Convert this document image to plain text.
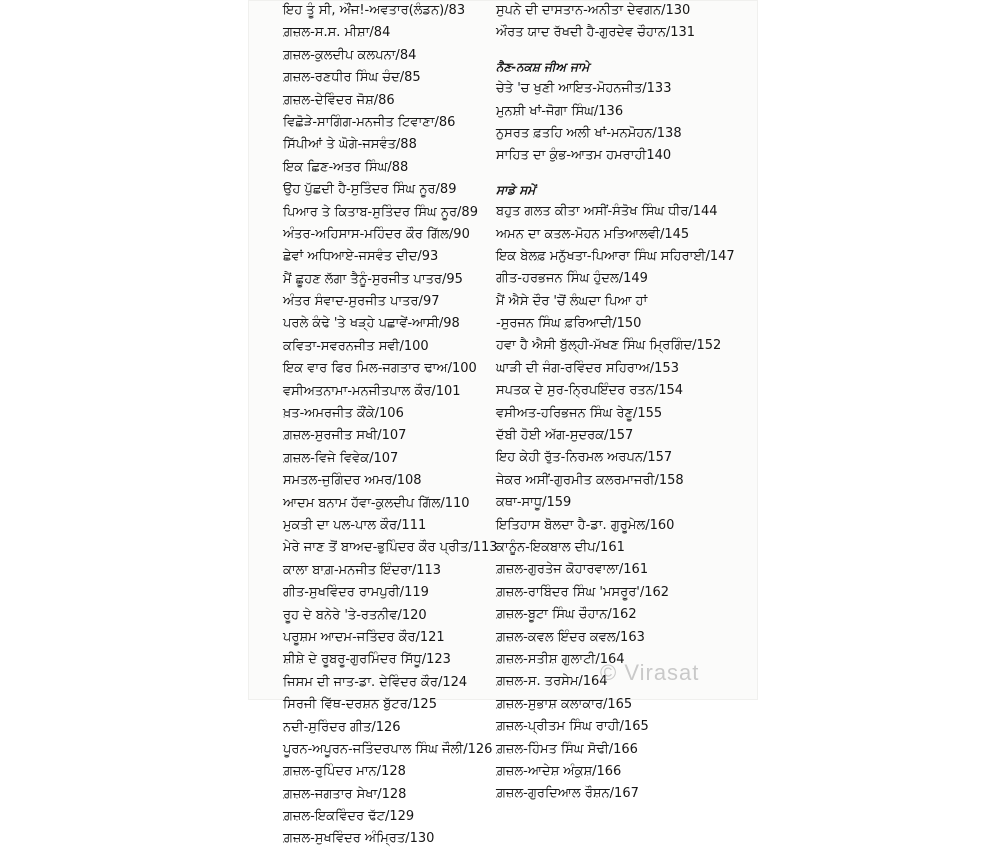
ਇਹ ਤੂੰ ਸੀ, ਔਂਜ!-ਅਵਤਾਰ(ਲੰਡਨ)/83
ਗ਼ਜ਼ਲ-ਸ.ਸ. ਮੀਸ਼ਾ/84
ਗ਼ਜ਼ਲ-ਕੁਲਦੀਪ ਕਲਪਨਾ/84
ਗ਼ਜ਼ਲ-ਰਣਧੀਰ ਸਿੰਘ ਚੰਦ/85
ਗ਼ਜ਼ਲ-ਦੇਵਿੰਦਰ ਜੋਸ਼/86
ਵਿਛੋੜੇ-ਸਾਗਿੰਗ-ਮਨਜੀਤ ਟਿਵਾਣਾ/86
ਸਿੱਪੀਆਂ ਤੇ ਘੋਗੇ-ਜਸਵੰਤ/88
ਇਕ ਛਿਣ-ਅਤਰ ਸਿੰਘ/88
ਉਹ ਪੁੱਛਦੀ ਹੈ-ਸੁਤਿੰਦਰ ਸਿੰਘ ਨੂਰ/89
ਪਿਆਰ ਤੇ ਕਿਤਾਬ-ਸੁਤਿੰਦਰ ਸਿੰਘ ਨੂਰ/89
ਅੰਤਰ-ਅਹਿਸਾਸ-ਮਹਿੰਦਰ ਕੌਰ ਗਿੱਲ/90
ਛੇਵਾਂ ਅਧਿਆਏ-ਜਸਵੰਤ ਦੀਦ/93
ਮੈਂ ਛੂਹਣ ਲੱਗਾ ਤੈਨੂੰ-ਸੁਰਜੀਤ ਪਾਤਰ/95
ਅੰਤਰ ਸੰਵਾਦ-ਸੁਰਜੀਤ ਪਾਤਰ/97
ਪਰਲੇ ਕੰਢੇ 'ਤੇ ਖੜ੍ਹੇ ਪਛਾਵੇਂ-ਆਸੀ/98
ਕਵਿਤਾ-ਸਵਰਨਜੀਤ ਸਵੀ/100
ਇਕ ਵਾਰ ਫਿਰ ਮਿਲ-ਜਗਤਾਰ ਢਾਅ/100
ਵਸੀਅਤਨਾਮਾ-ਮਨਜੀਤਪਾਲ ਕੌਰ/101
ਖ਼ਤ-ਅਮਰਜੀਤ ਕੌਂਕੇ/106
ਗ਼ਜ਼ਲ-ਸੁਰਜੀਤ ਸਖੀ/107
ਗ਼ਜ਼ਲ-ਵਿਜੇ ਵਿਵੇਕ/107
ਸਮਤਲ-ਜੁਗਿੰਦਰ ਅਮਰ/108
ਆਦਮ ਬਨਾਮ ਹੱਵਾ-ਕੁਲਦੀਪ ਗਿੱਲ/110
ਮੁਕਤੀ ਦਾ ਪਲ-ਪਾਲ ਕੌਰ/111
ਮੇਰੇ ਜਾਣ ਤੋਂ ਬਾਅਦ-ਭੁਪਿੰਦਰ ਕੌਰ ਪ੍ਰੀਤ/113
ਕਾਲਾ ਬਾਗ਼-ਮਨਜੀਤ ਇੰਦਰਾ/113
ਗੀਤ-ਸੁਖਵਿੰਦਰ ਰਾਮਪੁਰੀ/119
ਰੂਹ ਦੇ ਬਨੇਰੇ 'ਤੇ-ਰਤਨੀਵ/120
ਪਰੂਸ਼ਮ ਆਦਮ-ਜਤਿੰਦਰ ਕੌਰ/121
ਸ਼ੀਸ਼ੇ ਦੇ ਰੂਬਰੂ-ਗੁਰਮਿੰਦਰ ਸਿੱਧੂ/123
ਜਿਸਮ ਦੀ ਜਾਤ-ਡਾ. ਦੇਵਿੰਦਰ ਕੌਰ/124
ਸਿਰਜੀ ਵਿੱਥ-ਦਰਸ਼ਨ ਬੁੱਟਰ/125
ਨਦੀ-ਸੁਰਿੰਦਰ ਗੀਤ/126
ਪੂਰਨ-ਅਪੂਰਨ-ਜਤਿੰਦਰਪਾਲ ਸਿੰਘ ਜੌਲੀ/126
ਗ਼ਜ਼ਲ-ਰੁਪਿੰਦਰ ਮਾਨ/128
ਗ਼ਜ਼ਲ-ਜਗਤਾਰ ਸੇਖਾ/128
ਗ਼ਜ਼ਲ-ਇਕਵਿੰਦਰ ਢੱਟ/129
ਗ਼ਜ਼ਲ-ਸੁਖਵਿੰਦਰ ਅੰਮ੍ਰਿਤ/130
ਸੁਪਨੇ ਦੀ ਦਾਸਤਾਨ-ਅਨੀਤਾ ਦੇਵਗਨ/130
ਔਰਤ ਯਾਦ ਰੱਖਦੀ ਹੈ-ਗੁਰਦੇਵ ਚੌਹਾਨ/131
ਨੈਣ-ਨਕਸ਼ ਜੀਅ ਜਾਮੇ
ਚੇਤੇ 'ਚ ਖੁਣੀ ਆਇਤ-ਮੋਹਨਜੀਤ/133
ਮੁਨਸ਼ੀ ਖਾਂ-ਜੋਗਾ ਸਿੰਘ/136
ਨੁਸਰਤ ਫ਼ਤਹਿ ਅਲੀ ਖਾਂ-ਮਨਮੋਹਨ/138
ਸਾਹਿਤ ਦਾ ਕੁੰਭ-ਆਤਮ ਹਮਰਾਹੀ140
ਸਾਡੇ ਸਮੇਂ
ਬਹੁਤ ਗਲਤ ਕੀਤਾ ਅਸੀਂ-ਸੰਤੋਖ ਸਿੰਘ ਧੀਰ/144
ਅਮਨ ਦਾ ਕਤਲ-ਮੋਹਨ ਮਤਿਆਲਵੀ/145
ਇਕ ਬੇਲਫ਼ ਮਨੁੱਖਤਾ-ਪਿਆਰਾ ਸਿੰਘ ਸਹਿਰਾਈ/147
ਗੀਤ-ਹਰਭਜਨ ਸਿੰਘ ਹੁੰਦਲ/149
ਮੈਂ ਐਸੇ ਦੌਰ 'ਚੋਂ ਲੰਘਦਾ ਪਿਆ ਹਾਂ
-ਸੁਰਜਨ ਸਿੰਘ ਫ਼ਰਿਆਦੀ/150
ਹਵਾ ਹੈ ਐਸੀ ਬੁੱਲ੍ਹੀ-ਮੱਖਣ ਸਿੰਘ ਮ੍ਰਿਗਿੰਦ/152
ਘਾੜੀ ਦੀ ਜੰਗ-ਰਵਿੰਦਰ ਸਹਿਰਾਅ/153
ਸਪਤਕ ਦੇ ਸੁਰ-ਨ੍ਰਿਪਇੰਦਰ ਰਤਨ/154
ਵਸੀਅਤ-ਹਰਿਭਜਨ ਸਿੰਘ ਰੇਣੂ/155
ਦੱਬੀ ਹੋਈ ਅੱਗ-ਸੁਦਰਕ/157
ਇਹ ਕੇਹੀ ਰੁੱਤ-ਨਿਰਮਲ ਅਰਪਨ/157
ਜੇਕਰ ਅਸੀਂ-ਗੁਰਮੀਤ ਕਲਰਮਾਜਰੀ/158
ਕਥਾ-ਸਾਧੂ/159
ਇਤਿਹਾਸ ਬੋਲਦਾ ਹੈ-ਡਾ. ਗੁਰੂਮੇਲ/160
ਕਾਨੂੰਨ-ਇਕਬਾਲ ਦੀਪ/161
ਗ਼ਜ਼ਲ-ਗੁਰਤੇਜ ਕੋਹਾਰਵਾਲਾ/161
ਗ਼ਜ਼ਲ-ਰਾਬਿੰਦਰ ਸਿੰਘ 'ਮਸਰੂਰ'/162
ਗ਼ਜ਼ਲ-ਬੂਟਾ ਸਿੰਘ ਚੌਹਾਨ/162
ਗ਼ਜ਼ਲ-ਕਵਲ ਇੰਦਰ ਕਵਲ/163
ਗ਼ਜ਼ਲ-ਸਤੀਸ਼ ਗੁਲਾਟੀ/164
ਗ਼ਜ਼ਲ-ਸ. ਤਰਸੇਮ/164
ਗ਼ਜ਼ਲ-ਸੁਭਾਸ਼ ਕਲਾਕਾਰ/165
ਗ਼ਜ਼ਲ-ਪ੍ਰੀਤਮ ਸਿੰਘ ਰਾਹੀ/165
ਗ਼ਜ਼ਲ-ਹਿੰਮਤ ਸਿੰਘ ਸੋਢੀ/166
ਗ਼ਜ਼ਲ-ਆਦੇਸ਼ ਅੰਕੁਸ਼/166
ਗ਼ਜ਼ਲ-ਗੁਰਦਿਆਲ ਰੌਸ਼ਨ/167
© Virasat
